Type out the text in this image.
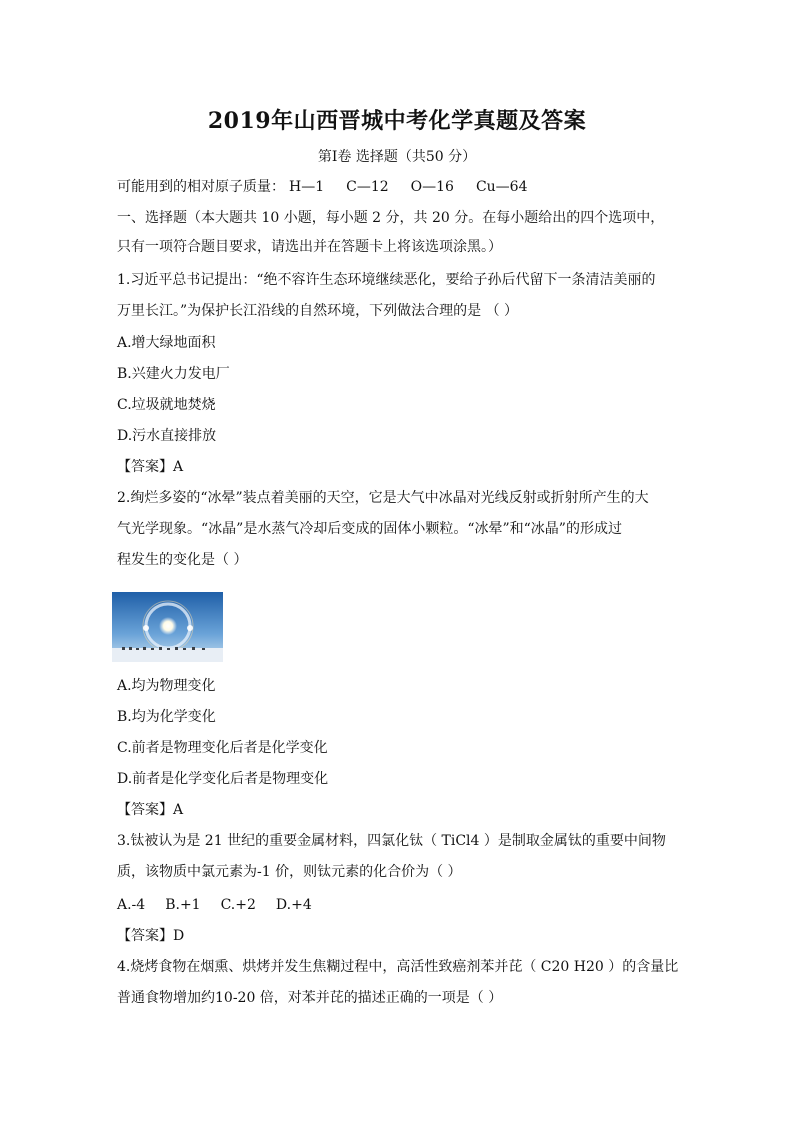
2019年山西晋城中考化学真题及答案
第Ⅰ卷 选择题（共50 分）
可能用到的相对原子质量： H—1 C—12 O—16 Cu—64
一、选择题（本大题共 10 小题，每小题 2 分，共 20 分。在每小题给出的四个选项中，
只有一项符合题目要求，请选出并在答题卡上将该选项涂黑。）
1.习近平总书记提出：“绝不容许生态环境继续恶化，要给子孙后代留下一条清洁美丽的
万里长江。”为保护长江沿线的自然环境，下列做法合理的是 （ ）
A.增大绿地面积
B.兴建火力发电厂
C.垃圾就地焚烧
D.污水直接排放
【答案】A
2.绚烂多姿的“冰晕”装点着美丽的天空，它是大气中冰晶对光线反射或折射所产生的大
气光学现象。“冰晶”是水蒸气冷却后变成的固体小颗粒。“冰晕”和“冰晶”的形成过
程发生的变化是（ ）
A.均为物理变化
B.均为化学变化
C.前者是物理变化后者是化学变化
D.前者是化学变化后者是物理变化
【答案】A
3.钛被认为是 21 世纪的重要金属材料，四氯化钛（ TiCl4 ）是制取金属钛的重要中间物
质，该物质中氯元素为-1 价，则钛元素的化合价为（ ）
A.-4 B.+1 C.+2 D.+4
【答案】D
4.烧烤食物在烟熏、烘烤并发生焦糊过程中，高活性致癌剂苯并芘（ C20 H20 ）的含量比
普通食物增加约10-20 倍，对苯并芘的描述正确的一项是（ ）
